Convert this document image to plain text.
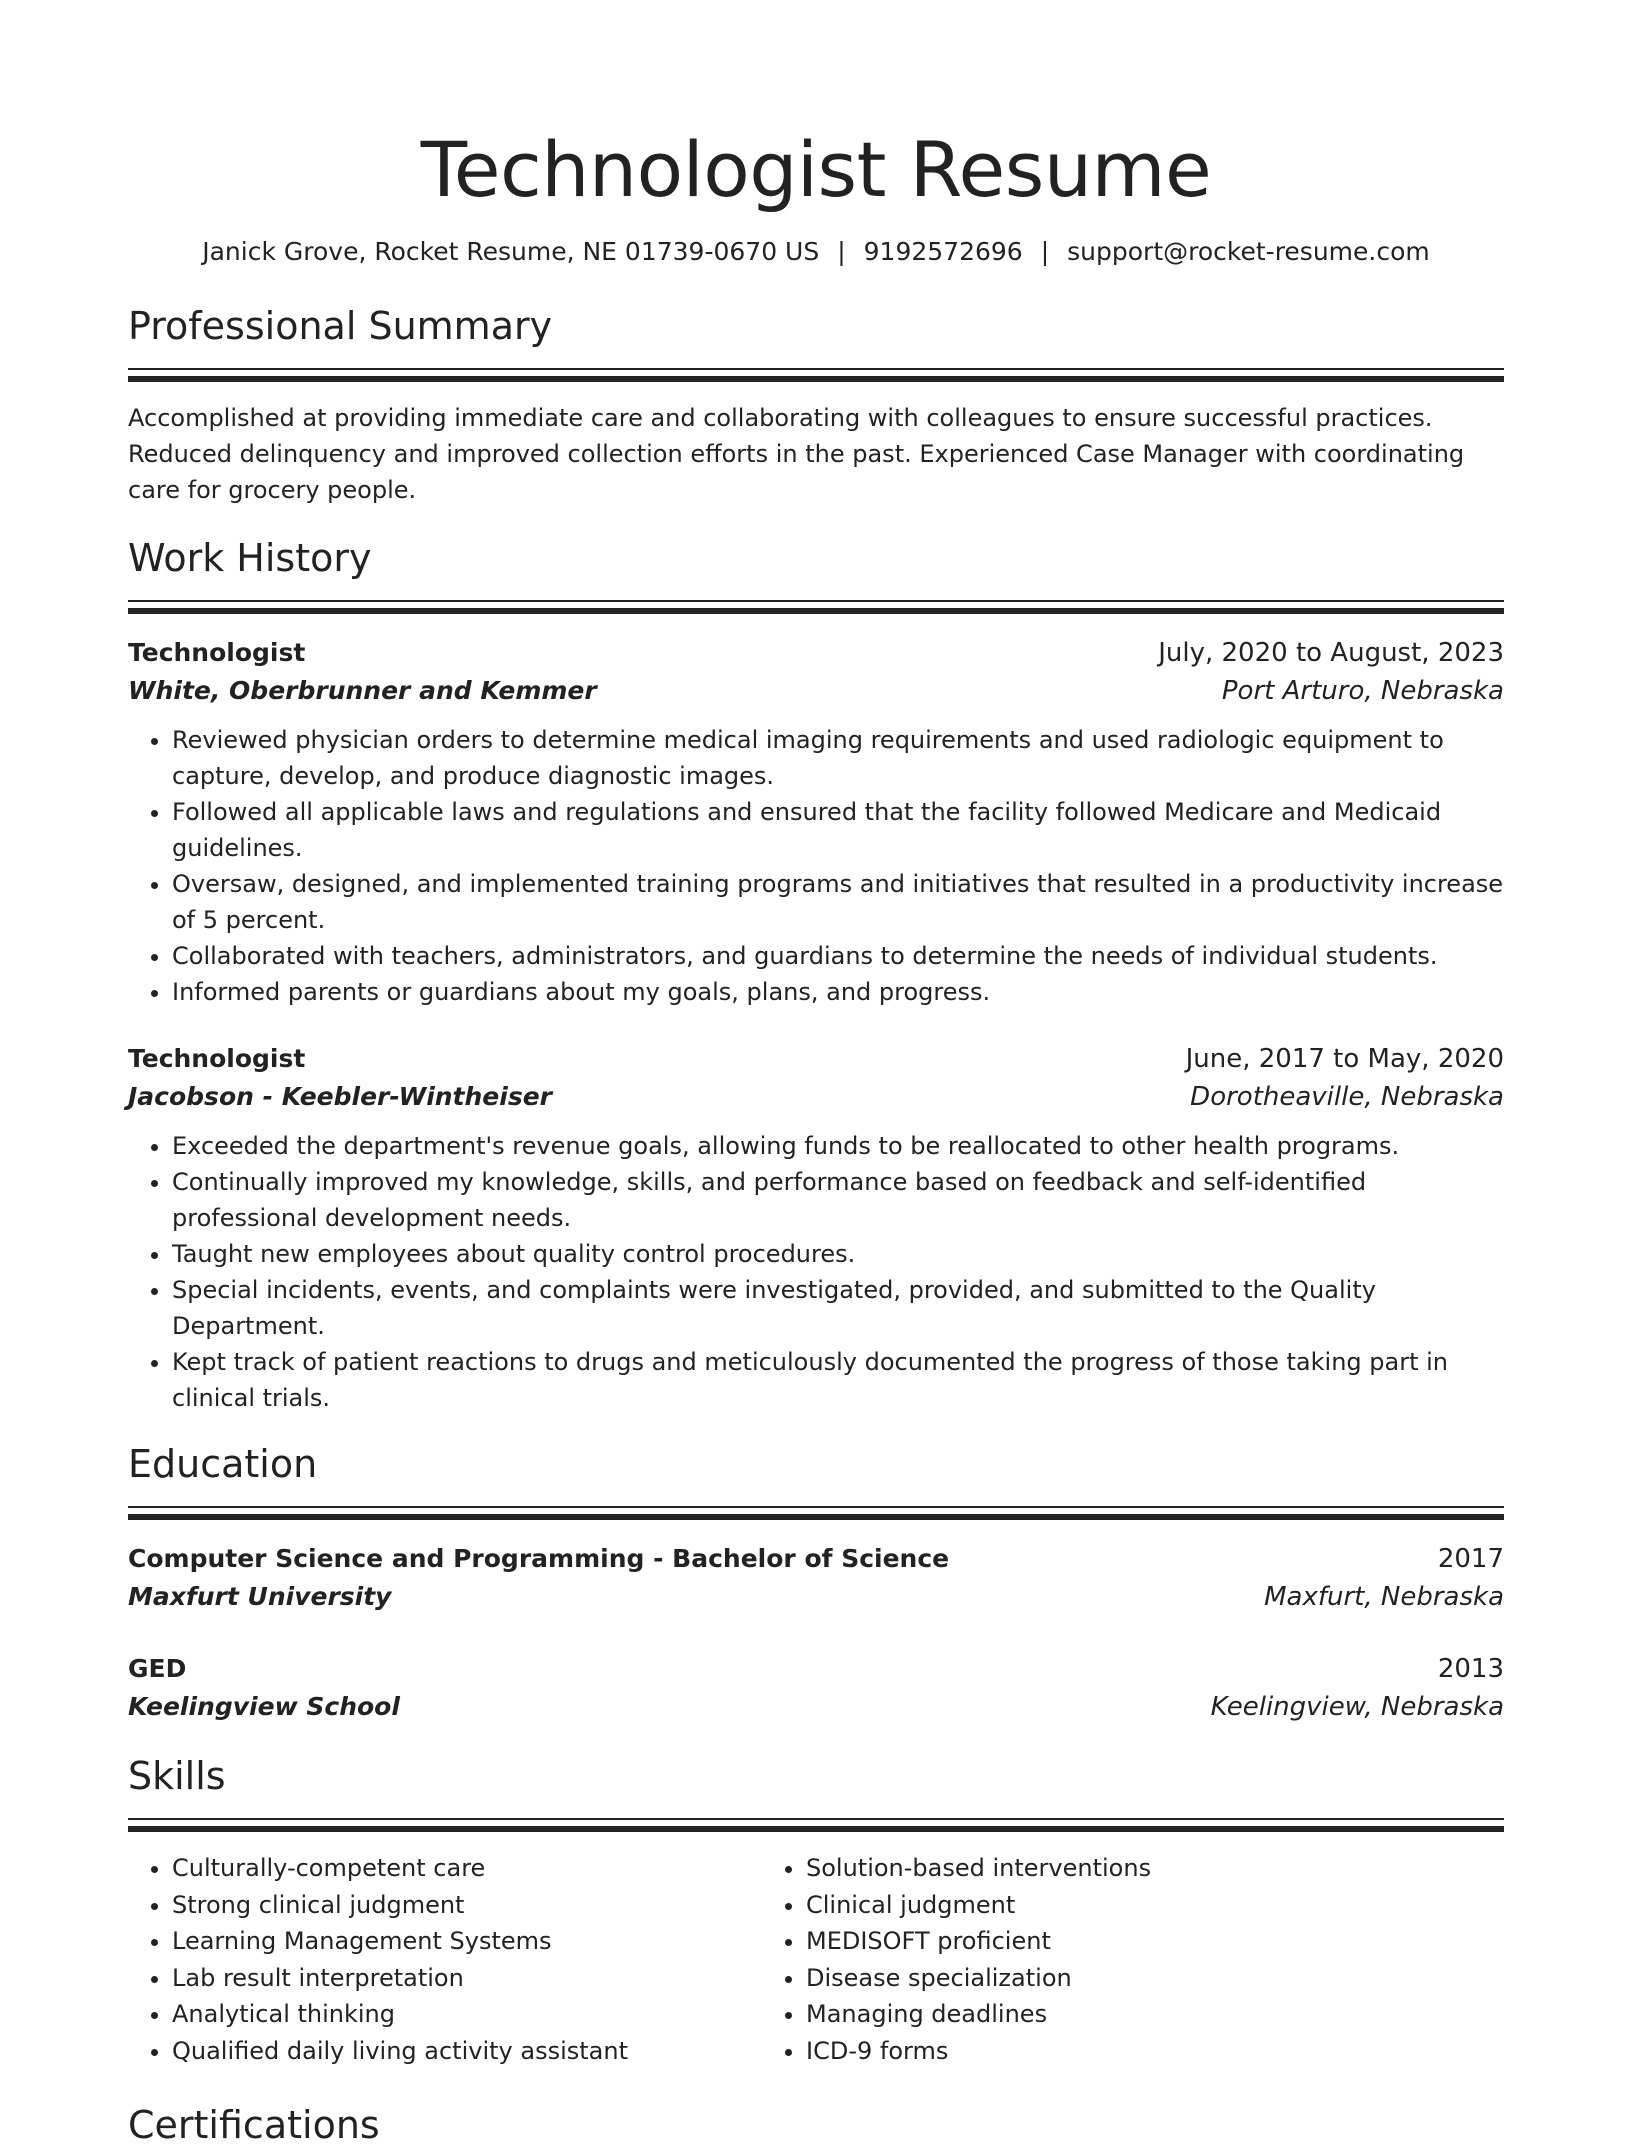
Technologist Resume
Janick Grove, Rocket Resume, NE 01739-0670 US | 9192572696 | support@rocket-resume.com
Professional Summary
Accomplished at providing immediate care and collaborating with colleagues to ensure successful practices. Reduced delinquency and improved collection efforts in the past. Experienced Case Manager with coordinating care for grocery people.
Work History
Technologist	July, 2020 to August, 2023
White, Oberbrunner and Kemmer	Port Arturo, Nebraska
• Reviewed physician orders to determine medical imaging requirements and used radiologic equipment to capture, develop, and produce diagnostic images.
• Followed all applicable laws and regulations and ensured that the facility followed Medicare and Medicaid guidelines.
• Oversaw, designed, and implemented training programs and initiatives that resulted in a productivity increase of 5 percent.
• Collaborated with teachers, administrators, and guardians to determine the needs of individual students.
• Informed parents or guardians about my goals, plans, and progress.
Technologist	June, 2017 to May, 2020
Jacobson - Keebler-Wintheiser	Dorotheaville, Nebraska
• Exceeded the department's revenue goals, allowing funds to be reallocated to other health programs.
• Continually improved my knowledge, skills, and performance based on feedback and self-identified professional development needs.
• Taught new employees about quality control procedures.
• Special incidents, events, and complaints were investigated, provided, and submitted to the Quality Department.
• Kept track of patient reactions to drugs and meticulously documented the progress of those taking part in clinical trials.
Education
Computer Science and Programming - Bachelor of Science	2017
Maxfurt University	Maxfurt, Nebraska
GED	2013
Keelingview School	Keelingview, Nebraska
Skills
• Culturally-competent care
• Strong clinical judgment
• Learning Management Systems
• Lab result interpretation
• Analytical thinking
• Qualified daily living activity assistant
• Solution-based interventions
• Clinical judgment
• MEDISOFT proficient
• Disease specialization
• Managing deadlines
• ICD-9 forms
Certifications
